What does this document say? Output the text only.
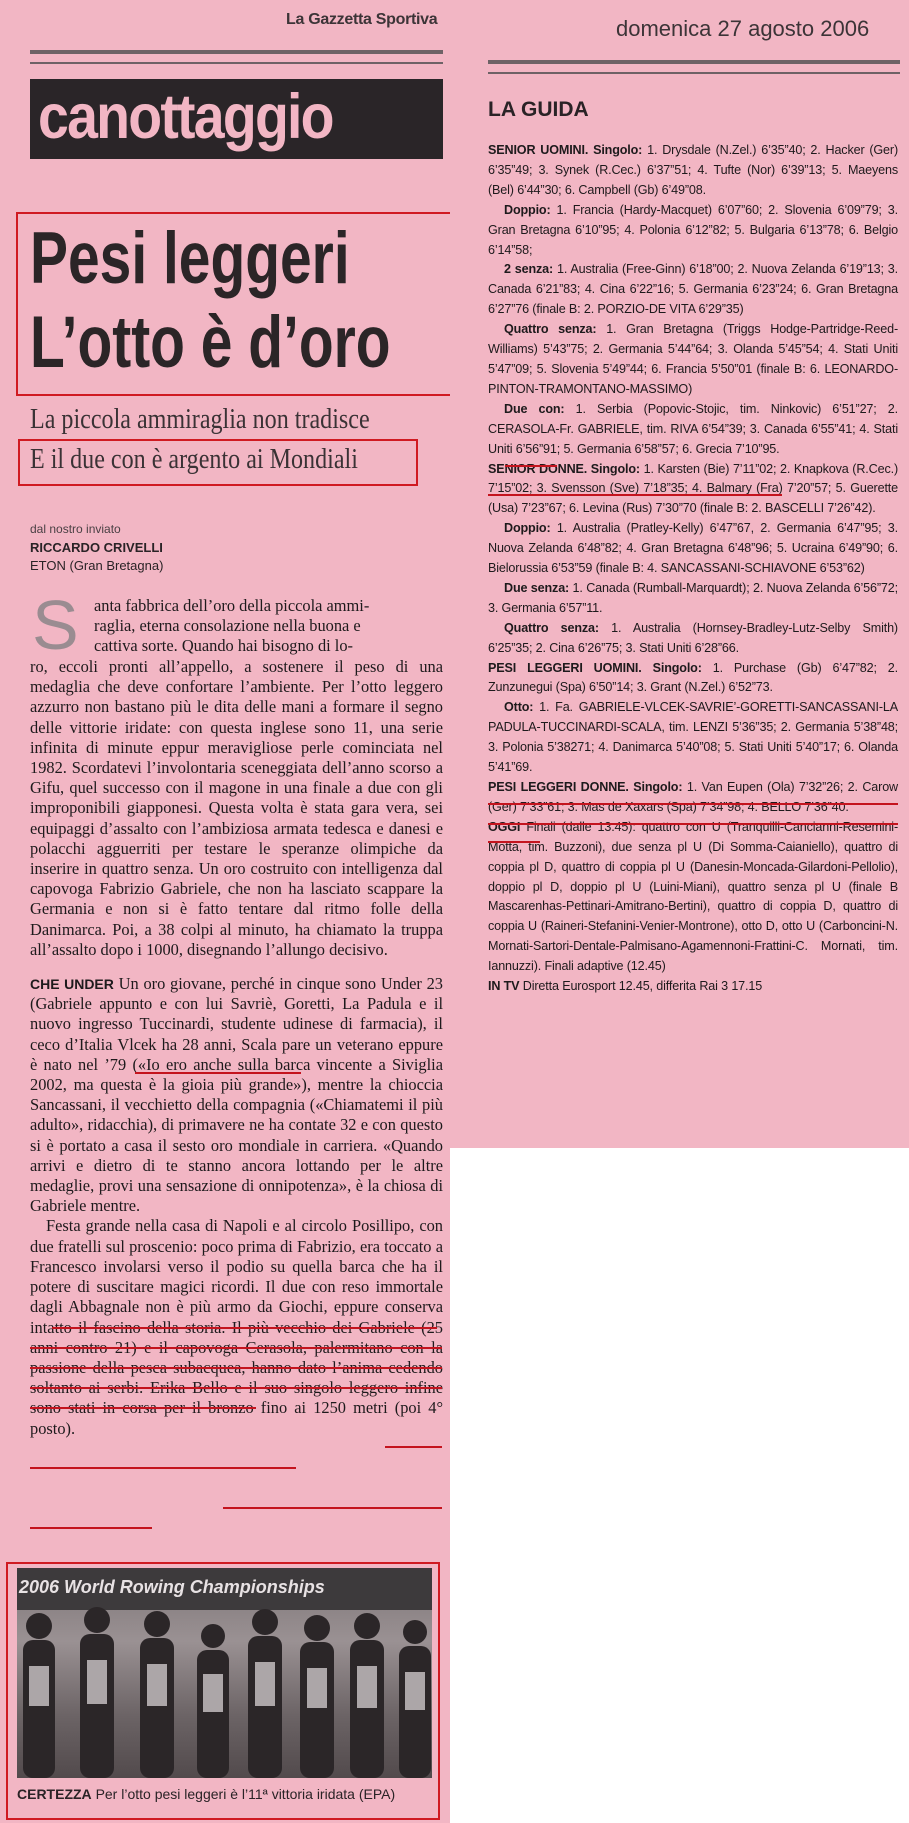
La Gazzetta Sportiva
canottaggio
Pesi leggeri
L’otto è d’oro
La piccola ammiraglia non tradisce
E il due con è argento ai Mondiali
dal nostro inviato
RICCARDO CRIVELLI
ETON (Gran Bretagna)
S anta fabbrica dell’oro della piccola ammi-
raglia, eterna consolazione nella buona e
cattiva sorte. Quando hai bisogno di lo-
ro, eccoli pronti all’appello, a sostenere il peso di una medaglia che deve confortare l’ambiente. Per l’otto leggero azzurro non bastano più le dita delle mani a formare il segno delle vittorie iridate: con questa inglese sono 11, una serie infinita di minute eppur meravigliose perle cominciata nel 1982. Scordatevi l’involontaria sceneggiata dell’anno scorso a Gifu, quel successo con il magone in una finale a due con gli improponibili giapponesi. Questa volta è stata gara vera, sei equipaggi d’assalto con l’ambiziosa armata tedesca e danesi e polacchi agguerriti per testare le speranze olimpiche da inserire in quattro senza. Un oro costruito con intelligenza dal capovoga Fabrizio Gabriele, che non ha lasciato scappare la Germania e non si è fatto tentare dal ritmo folle della Danimarca. Poi, a 38 colpi al minuto, ha chiamato la truppa all’assalto dopo i 1000, disegnando l’allungo decisivo.
CHE UNDER Un oro giovane, perché in cinque sono Under 23 (Gabriele appunto e con lui Savriè, Goretti, La Padula e il nuovo ingresso Tuccinardi, studente udinese di farmacia), il ceco d’Italia Vlcek ha 28 anni, Scala pare un veterano eppure è nato nel ’79 («Io ero anche sulla barca vincente a Siviglia 2002, ma questa è la gioia più grande»), mentre la chioccia Sancassani, il vecchietto della compagnia («Chiamatemi il più adulto», ridacchia), di primavere ne ha contate 32 e con questo si è portato a casa il sesto oro mondiale in carriera. «Quando arrivi e dietro di te stanno ancora lottando per le altre medaglie, provi una sensazione di onnipotenza», è la chiosa di Gabriele mentre.
Festa grande nella casa di Napoli e al circolo Posillipo, con due fratelli sul proscenio: poco prima di Fabrizio, era toccato a Francesco involarsi verso il podio su quella barca che ha il potere di suscitare magici ricordi. Il due con reso immortale dagli Abbagnale non è più armo da Giochi, eppure conserva intatto il fascino della storia. Il più vecchio dei Gabriele (25 anni contro 21) e il capovoga Cerasola, palermitano con la passione della pesca subacquea, hanno dato l’anima cedendo soltanto ai serbi. Erika Bello e il suo singolo leggero infine sono stati in corsa per il bronzo fino ai 1250 metri (poi 4° posto).
2006 World Rowing Championships
CERTEZZA Per l’otto pesi leggeri è l’11ª vittoria iridata (EPA)
domenica 27 agosto 2006
LA GUIDA

SENIOR UOMINI. Singolo: 1. Drysdale (N.Zel.) 6’35”40; 2. Hacker (Ger) 6’35”49; 3. Synek (R.Cec.) 6’37”51; 4. Tufte (Nor) 6’39”13; 5. Maeyens (Bel) 6’44”30; 6. Campbell (Gb) 6’49”08.

Doppio: 1. Francia (Hardy-Macquet) 6’07”60; 2. Slovenia 6’09”79; 3. Gran Bretagna 6’10”95; 4. Polonia 6’12”82; 5. Bulgaria 6’13”78; 6. Belgio 6’14”58;

2 senza: 1. Australia (Free-Ginn) 6’18”00; 2. Nuova Zelanda 6’19”13; 3. Canada 6’21”83; 4. Cina 6’22”16; 5. Germania 6’23”24; 6. Gran Bretagna 6’27”76 (finale B: 2. PORZIO-DE VITA 6’29”35)

Quattro senza: 1. Gran Bretagna (Triggs Hodge-Partridge-Reed-Williams) 5’43”75; 2. Germania 5’44”64; 3. Olanda 5’45”54; 4. Stati Uniti 5’47”09; 5. Slovenia 5’49”44; 6. Francia 5’50”01 (finale B: 6. LEONARDO-PINTON-TRAMONTANO-MASSIMO)

Due con: 1. Serbia (Popovic-Stojic, tim. Ninkovic) 6’51”27; 2. CERASOLA-Fr. GABRIELE, tim. RIVA 6’54”39; 3. Canada 6’55”41; 4. Stati Uniti 6’56”91; 5. Germania 6’58”57; 6. Grecia 7’10”95.

SENIOR DONNE. Singolo: 1. Karsten (Bie) 7’11”02; 2. Knapkova (R.Cec.) 7’15”02; 3. Svensson (Sve) 7’18”35; 4. Balmary (Fra) 7’20”57; 5. Guerette (Usa) 7’23”67; 6. Levina (Rus) 7’30”70 (finale B: 2. BASCELLI 7’26”42).

Doppio: 1. Australia (Pratley-Kelly) 6’47”67, 2. Germania 6’47”95; 3. Nuova Zelanda 6’48”82; 4. Gran Bretagna 6’48”96; 5. Ucraina 6’49”90; 6. Bielorussia 6’53”59 (finale B: 4. SANCASSANI-SCHIAVONE 6’53”62)

Due senza: 1. Canada (Rumball-Marquardt); 2. Nuova Zelanda 6’56”72; 3. Germania 6’57”11.

Quattro senza: 1. Australia (Hornsey-Bradley-Lutz-Selby Smith) 6’25”35; 2. Cina 6’26”75; 3. Stati Uniti 6’28”66.

PESI LEGGERI UOMINI. Singolo: 1. Purchase (Gb) 6’47”82; 2. Zunzunegui (Spa) 6’50”14; 3. Grant (N.Zel.) 6’52”73.

Otto: 1. Fa. GABRIELE-VLCEK-SAVRIE’-GORETTI-SANCASSANI-LA PADULA-TUCCINARDI-SCALA, tim. LENZI 5’36”35; 2. Germania 5’38”48; 3. Polonia 5’38271; 4. Danimarca 5’40”08; 5. Stati Uniti 5’40”17; 6. Olanda 5’41”69.

PESI LEGGERI DONNE. Singolo: 1. Van Eupen (Ola) 7’32”26; 2. Carow (Ger) 7’33”61; 3. Mas de Xaxars (Spa) 7’34”98; 4. BELLO 7’36”40.

OGGI Finali (dalle 13.45): quattro con U (Tranquilli-Cancianni-Resemini-Motta, tim. Buzzoni), due senza pl U (Di Somma-Caianiello), quattro di coppia pl D, quattro di coppia pl U (Danesin-Moncada-Gilardoni-Pellolio), doppio pl D, doppio pl U (Luini-Miani), quattro senza pl U (finale B Mascarenhas-Pettinari-Amitrano-Bertini), quattro di coppia D, quattro di coppia U (Raineri-Stefanini-Venier-Montrone), otto D, otto U (Carboncini-N. Mornati-Sartori-Dentale-Palmisano-Agamennoni-Frattini-C. Mornati, tim. Iannuzzi). Finali adaptive (12.45)

IN TV Diretta Eurosport 12.45, differita Rai 3 17.15
